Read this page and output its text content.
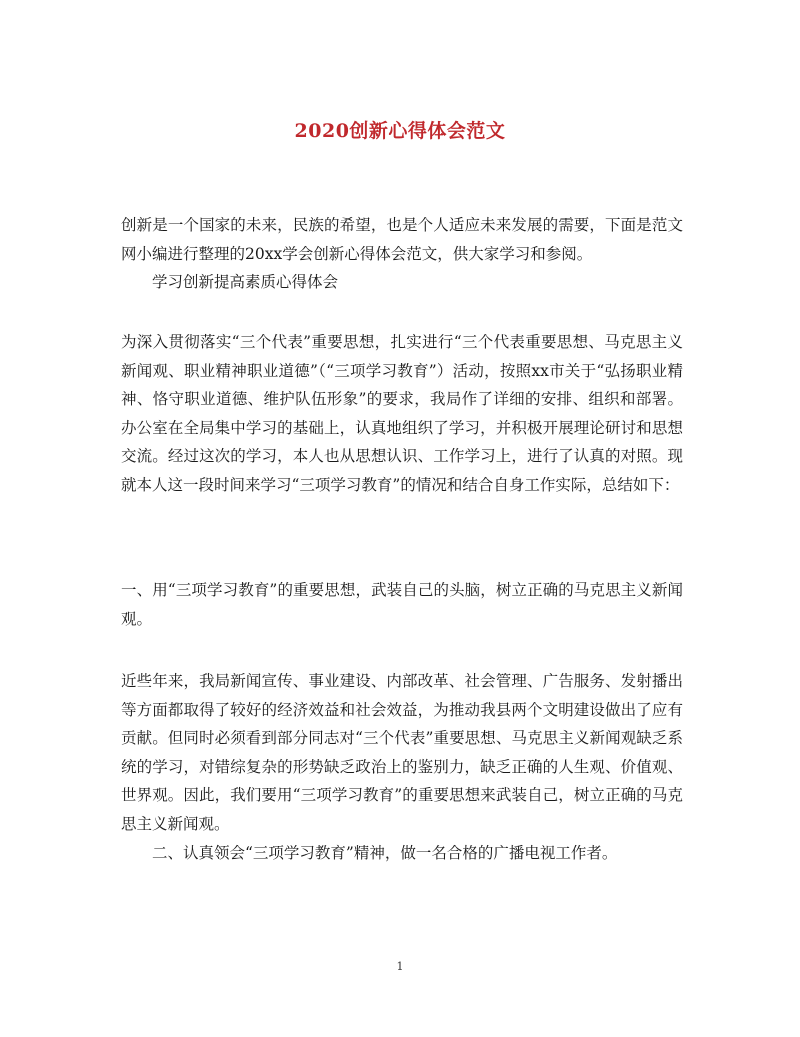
2020创新心得体会范文

创新是一个国家的未来，民族的希望，也是个人适应未来发展的需要，下面是范文网小编进行整理的20xx学会创新心得体会范文，供大家学习和参阅。

学习创新提高素质心得体会

为深入贯彻落实“三个代表”重要思想，扎实进行“三个代表重要思想、马克思主义新闻观、职业精神职业道德”（“三项学习教育”）活动，按照xx市关于“弘扬职业精神、恪守职业道德、维护队伍形象”的要求，我局作了详细的安排、组织和部署。办公室在全局集中学习的基础上，认真地组织了学习，并积极开展理论研讨和思想交流。经过这次的学习，本人也从思想认识、工作学习上，进行了认真的对照。现就本人这一段时间来学习“三项学习教育”的情况和结合自身工作实际，总结如下：

一、用“三项学习教育”的重要思想，武装自己的头脑，树立正确的马克思主义新闻观。

近些年来，我局新闻宣传、事业建设、内部改革、社会管理、广告服务、发射播出等方面都取得了较好的经济效益和社会效益，为推动我县两个文明建设做出了应有贡献。但同时必须看到部分同志对“三个代表”重要思想、马克思主义新闻观缺乏系统的学习，对错综复杂的形势缺乏政治上的鉴别力，缺乏正确的人生观、价值观、世界观。因此，我们要用“三项学习教育”的重要思想来武装自己，树立正确的马克思主义新闻观。

二、认真领会“三项学习教育”精神，做一名合格的广播电视工作者。

1
